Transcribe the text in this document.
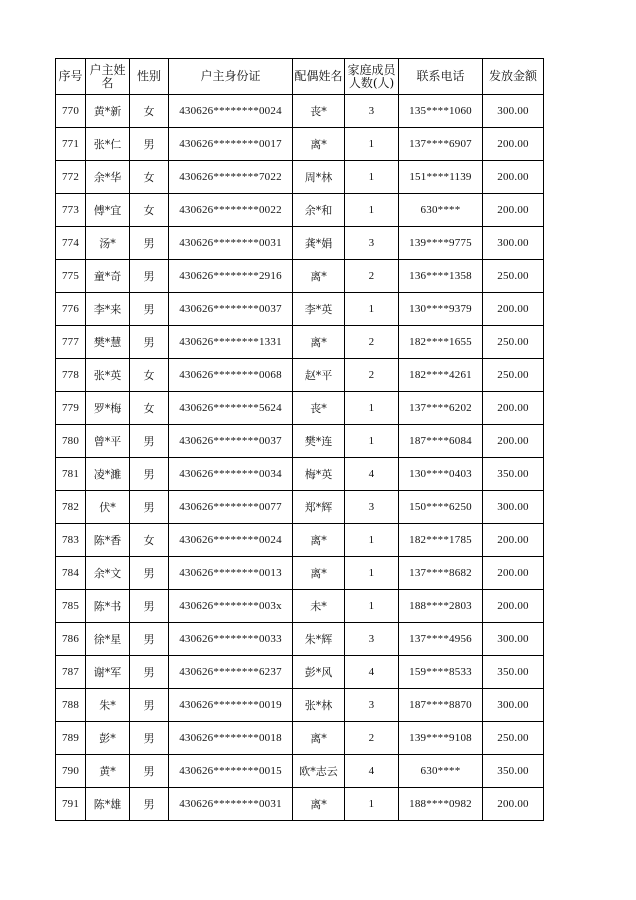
序号	户主姓名	性别	户主身份证	配偶姓名	家庭成员人数(人)	联系电话	发放金额
770	黄*新	女	430626********0024	丧*	3	135****1060	300.00
771	张*仁	男	430626********0017	离*	1	137****6907	200.00
772	余*华	女	430626********7022	周*林	1	151****1139	200.00
773	傅*宜	女	430626********0022	余*和	1	630****	200.00
774	汤*	男	430626********0031	龚*娟	3	139****9775	300.00
775	童*奇	男	430626********2916	离*	2	136****1358	250.00
776	李*来	男	430626********0037	李*英	1	130****9379	200.00
777	樊*慧	男	430626********1331	离*	2	182****1655	250.00
778	张*英	女	430626********0068	赵*平	2	182****4261	250.00
779	罗*梅	女	430626********5624	丧*	1	137****6202	200.00
780	曾*平	男	430626********0037	樊*连	1	187****6084	200.00
781	凌*濉	男	430626********0034	梅*英	4	130****0403	350.00
782	伏*	男	430626********0077	郑*辉	3	150****6250	300.00
783	陈*香	女	430626********0024	离*	1	182****1785	200.00
784	余*文	男	430626********0013	离*	1	137****8682	200.00
785	陈*书	男	430626********003x	未*	1	188****2803	200.00
786	徐*星	男	430626********0033	朱*辉	3	137****4956	300.00
787	谢*军	男	430626********6237	彭*风	4	159****8533	350.00
788	朱*	男	430626********0019	张*林	3	187****8870	300.00
789	彭*	男	430626********0018	离*	2	139****9108	250.00
790	黄*	男	430626********0015	欧*志云	4	630****	350.00
791	陈*雄	男	430626********0031	离*	1	188****0982	200.00
